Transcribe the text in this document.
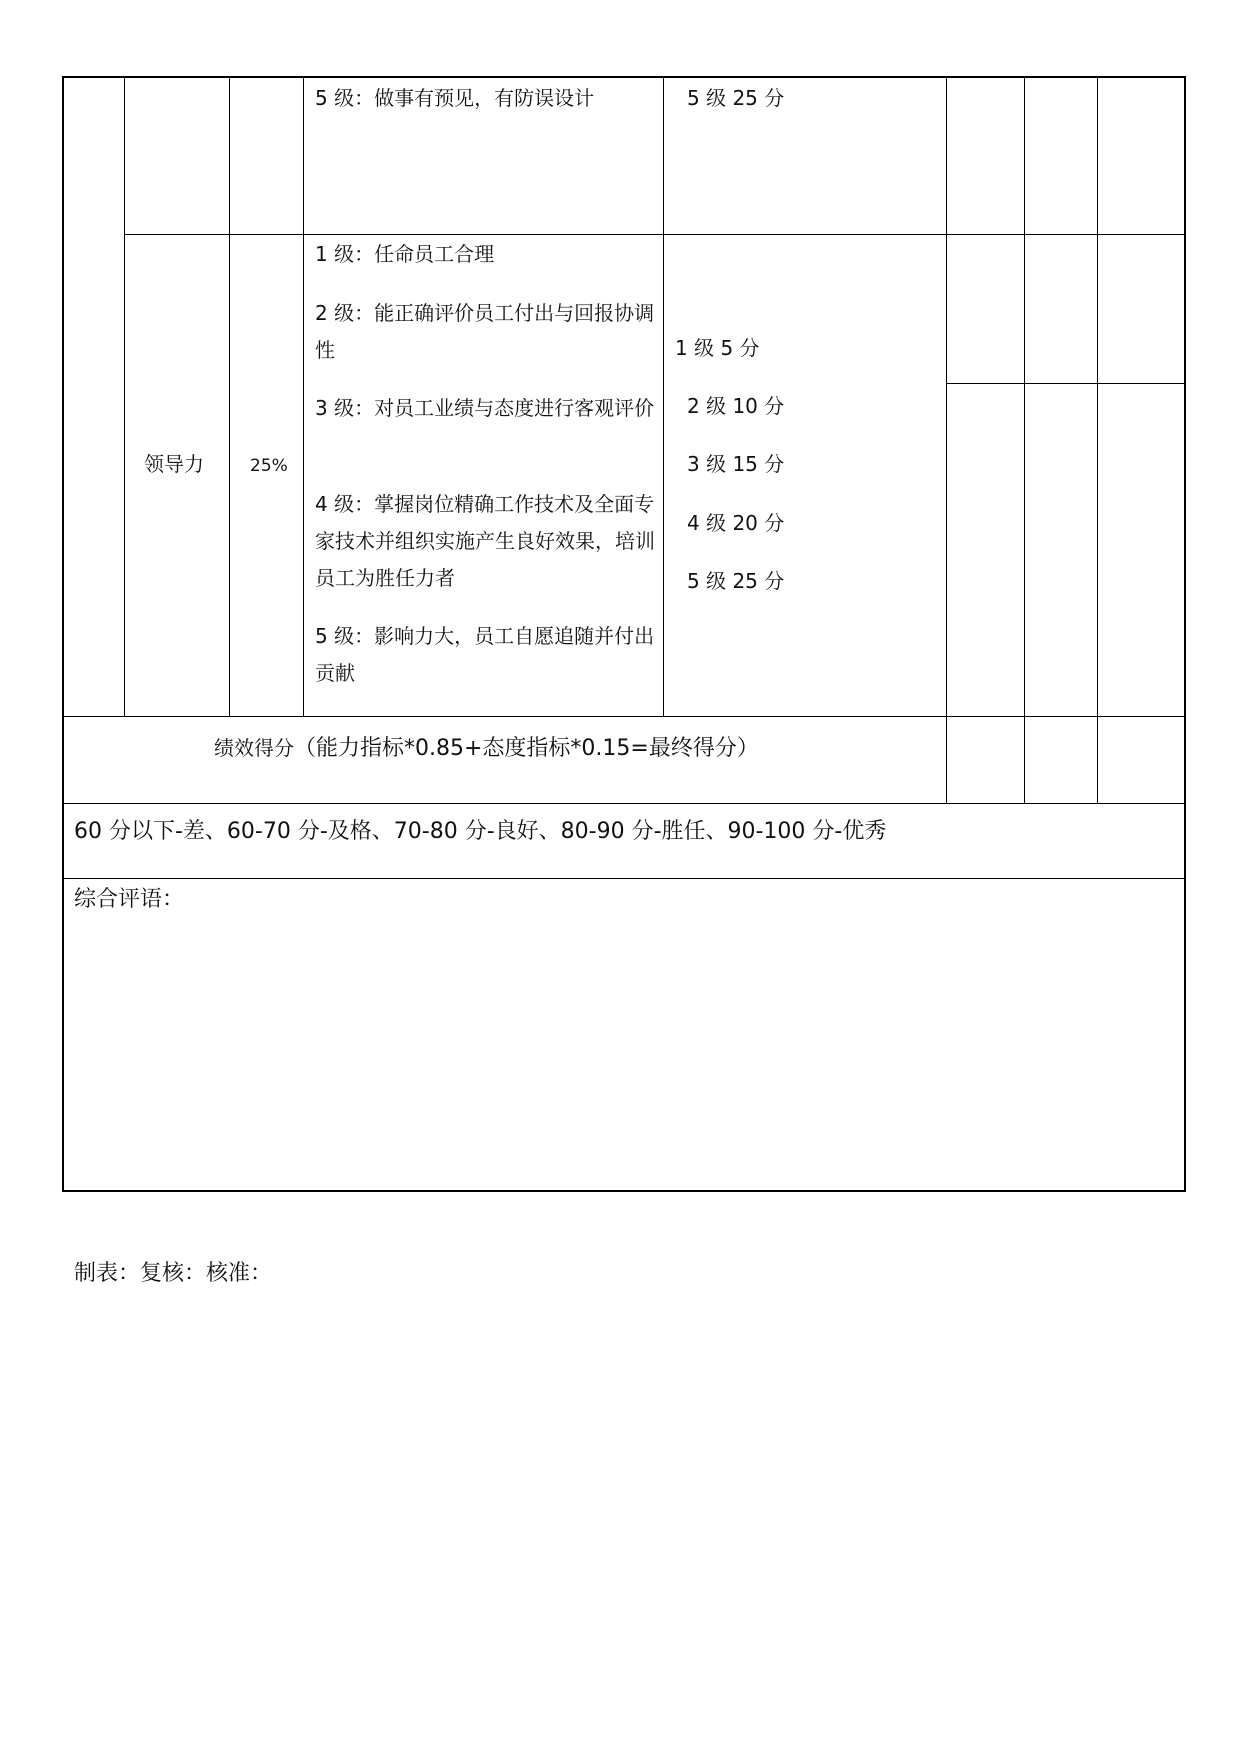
5 级：做事有预见，有防误设计	5 级 25 分
领导力	25%
1 级：任命员工合理
2 级：能正确评价员工付出与回报协调性
3 级：对员工业绩与态度进行客观评价
4 级：掌握岗位精确工作技术及全面专家技术并组织实施产生良好效果，培训员工为胜任力者
5 级：影响力大，员工自愿追随并付出贡献
1 级 5 分
2 级 10 分
3 级 15 分
4 级 20 分
5 级 25 分
绩效得分（能力指标*0.85+态度指标*0.15=最终得分）
60 分以下-差、60-70 分-及格、70-80 分-良好、80-90 分-胜任、90-100 分-优秀
综合评语：
制表：复核：核准：
